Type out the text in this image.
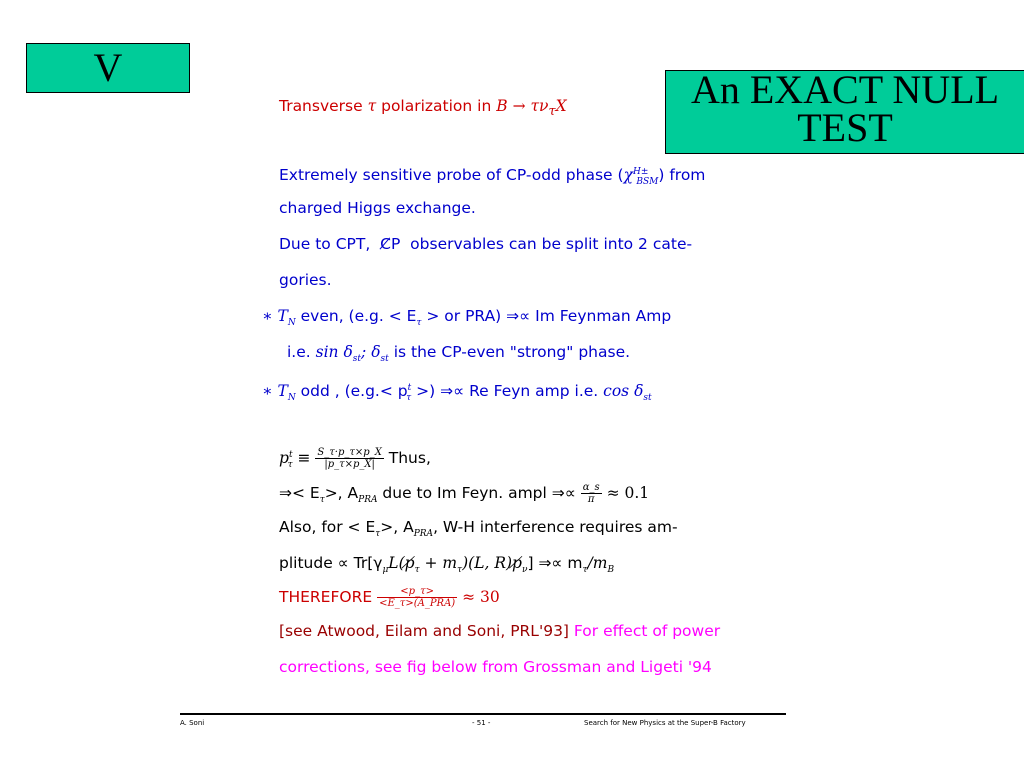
V	An EXACT NULL TEST
Transverse τ polarization in $B \to \tau\nu_\tau X$
Extremely sensitive probe of CP-odd phase $(\chi^{H\pm}_{BSM})$ from
charged Higgs exchange.
Due to CPT, C̸P observables can be split into 2 cate-
gories.
∗ $T_N$ even, (e.g. < $E_\tau$ > or PRA) ⇒∝ Im Feynman Amp
i.e. $\sin \delta_{st}$; $\delta_{st}$ is the CP-even "strong" phase.
∗ $T_N$ odd , ($e.g.< p^t_\tau$ >) ⇒∝ Re Feyn amp i.e. $\cos \delta_{st}$
$p^t_\tau \equiv \frac{S\_\tau\cdot p\_\tau\times p\_X}{|p\_\tau\times p\_X|}$ Thus,
⇒< $E_\tau>$, $A_{PRA}$ due to Im Feyn. ampl ⇒∝ $\frac{\alpha\_s}{\pi} \approx 0.1$
Also, for < $E_\tau>$, $A_{PRA}$, W-H interference requires am-
plitude ∝ $Tr[\gamma_\mu L(p̸_\tau + m_\tau)(L$, $R)p̸_\nu$] ⇒∝ $m_\tau/m_B$
THEREFORE $\frac{<p\_\tau>}{\text{<E\_τ>(A\_PRA)}} \approx 30$
[see Atwood, Eilam and Soni, PRL'93] For effect of power
corrections, see fig below from Grossman and Ligeti '94
A. Soni	- 51 -	Search for New Physics at the Super-B Factory
